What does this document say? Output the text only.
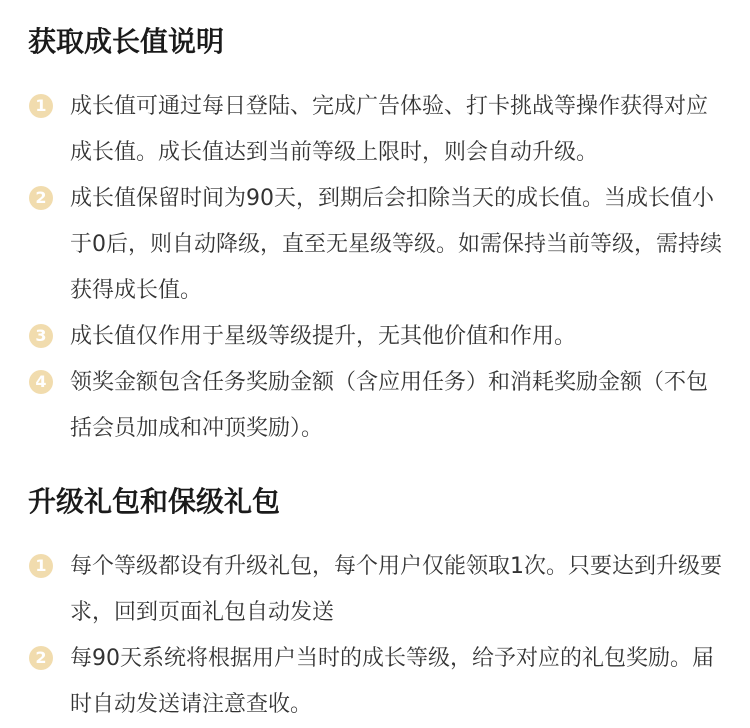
获取成长值说明
1 成长值可通过每日登陆、完成广告体验、打卡挑战等操作获得对应成长值。成长值达到当前等级上限时，则会自动升级。
2 成长值保留时间为90天，到期后会扣除当天的成长值。当成长值小于0后，则自动降级，直至无星级等级。如需保持当前等级，需持续获得成长值。
3 成长值仅作用于星级等级提升，无其他价值和作用。
4 领奖金额包含任务奖励金额（含应用任务）和消耗奖励金额（不包括会员加成和冲顶奖励）。
升级礼包和保级礼包
1 每个等级都设有升级礼包，每个用户仅能领取1次。只要达到升级要求，回到页面礼包自动发送
2 每90天系统将根据用户当时的成长等级，给予对应的礼包奖励。届时自动发送请注意查收。
